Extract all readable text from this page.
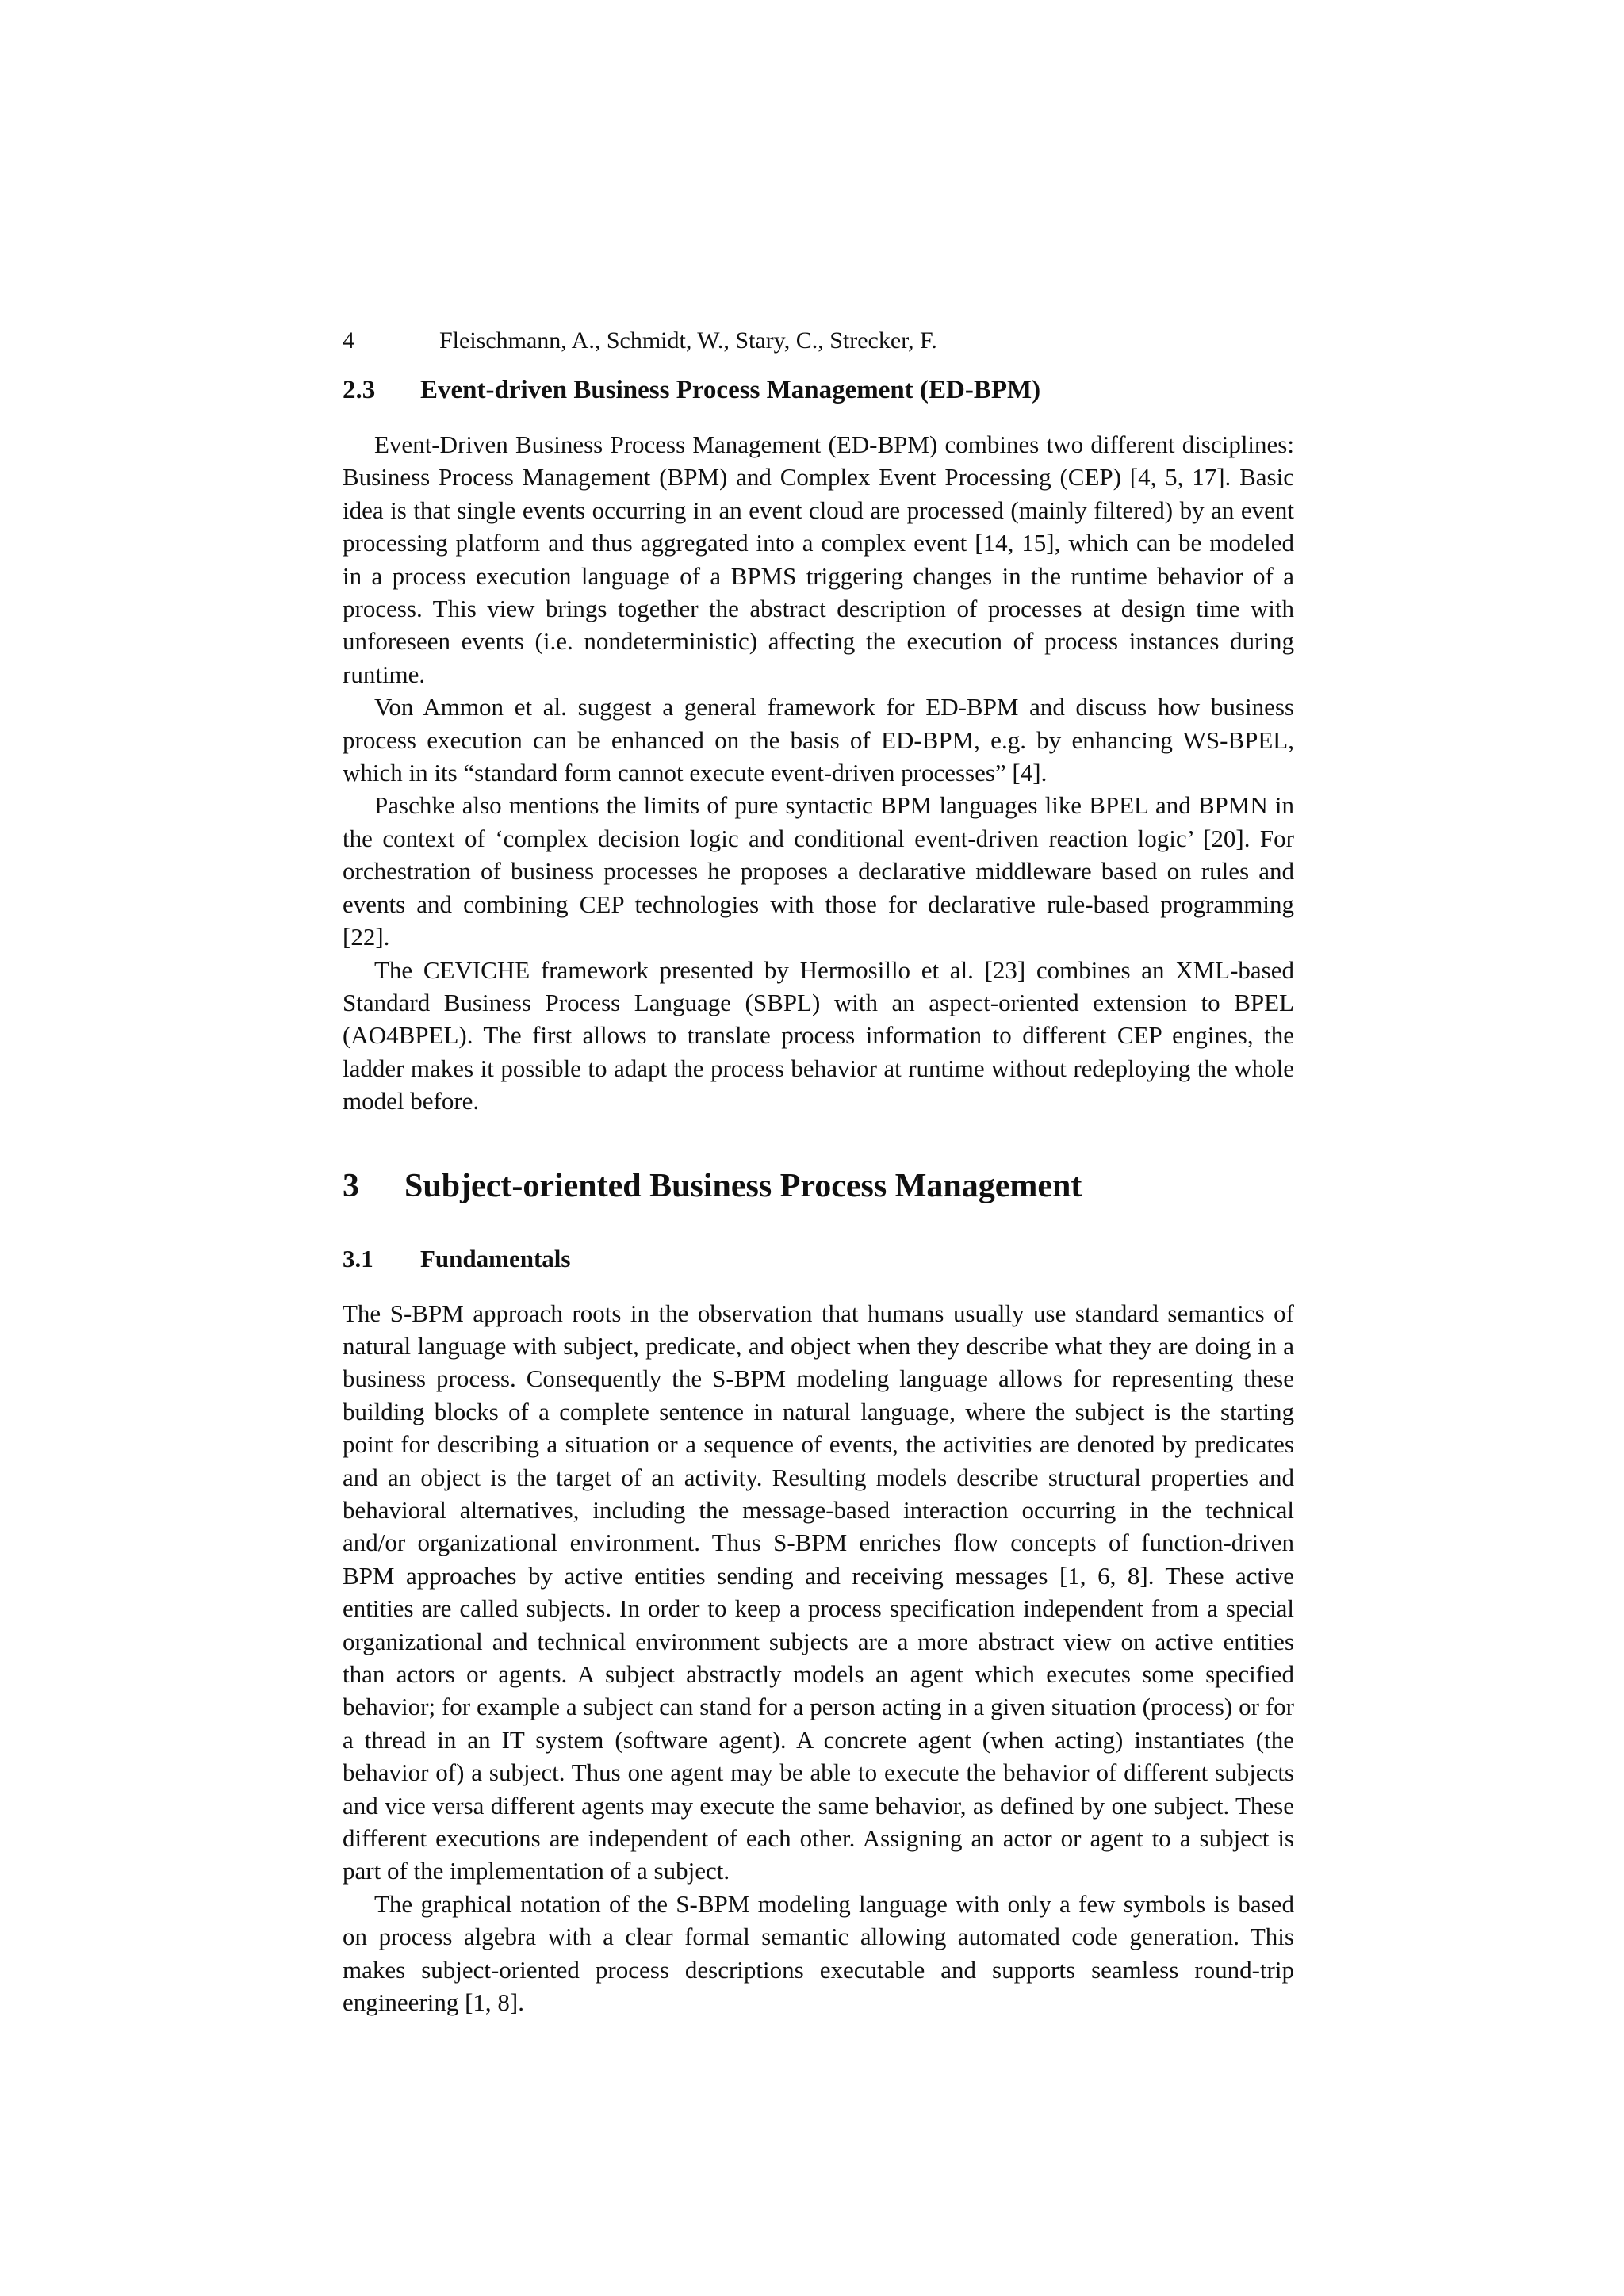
4	Fleischmann, A., Schmidt, W., Stary, C., Strecker, F.
2.3	Event-driven Business Process Management (ED-BPM)

Event-Driven Business Process Management (ED-BPM) combines two different disciplines: Business Process Management (BPM) and Complex Event Processing (CEP) [4, 5, 17]. Basic idea is that single events occurring in an event cloud are processed (mainly filtered) by an event processing platform and thus aggregated into a complex event [14, 15], which can be modeled in a process execution language of a BPMS triggering changes in the runtime behavior of a process. This view brings together the abstract description of processes at design time with unforeseen events (i.e. nondeterministic) affecting the execution of process instances during runtime.

Von Ammon et al. suggest a general framework for ED-BPM and discuss how business process execution can be enhanced on the basis of ED-BPM, e.g. by enhancing WS-BPEL, which in its “standard form cannot execute event-driven processes” [4].

Paschke also mentions the limits of pure syntactic BPM languages like BPEL and BPMN in the context of ‘complex decision logic and conditional event-driven reaction logic’ [20]. For orchestration of business processes he proposes a declarative middleware based on rules and events and combining CEP technologies with those for declarative rule-based programming [22].

The CEVICHE framework presented by Hermosillo et al. [23] combines an XML-based Standard Business Process Language (SBPL) with an aspect-oriented extension to BPEL (AO4BPEL). The first allows to translate process information to different CEP engines, the ladder makes it possible to adapt the process behavior at runtime without redeploying the whole model before.

3	Subject-oriented Business Process Management
3.1	Fundamentals

The S-BPM approach roots in the observation that humans usually use standard semantics of natural language with subject, predicate, and object when they describe what they are doing in a business process. Consequently the S-BPM modeling language allows for representing these building blocks of a complete sentence in natural language, where the subject is the starting point for describing a situation or a sequence of events, the activities are denoted by predicates and an object is the target of an activity. Resulting models describe structural properties and behavioral alternatives, including the message-based interaction occurring in the technical and/or organizational environment. Thus S-BPM enriches flow concepts of function-driven BPM approaches by active entities sending and receiving messages [1, 6, 8]. These active entities are called subjects. In order to keep a process specification independent from a special organizational and technical environment subjects are a more abstract view on active entities than actors or agents. A subject abstractly models an agent which executes some specified behavior; for example a subject can stand for a person acting in a given situation (process) or for a thread in an IT system (software agent). A concrete agent (when acting) instantiates (the behavior of) a subject. Thus one agent may be able to execute the behavior of different subjects and vice versa different agents may execute the same behavior, as defined by one subject. These different executions are independent of each other. Assigning an actor or agent to a subject is part of the implementation of a subject.

The graphical notation of the S-BPM modeling language with only a few symbols is based on process algebra with a clear formal semantic allowing automated code generation. This makes subject-oriented process descriptions executable and supports seamless round-trip engineering [1, 8].
